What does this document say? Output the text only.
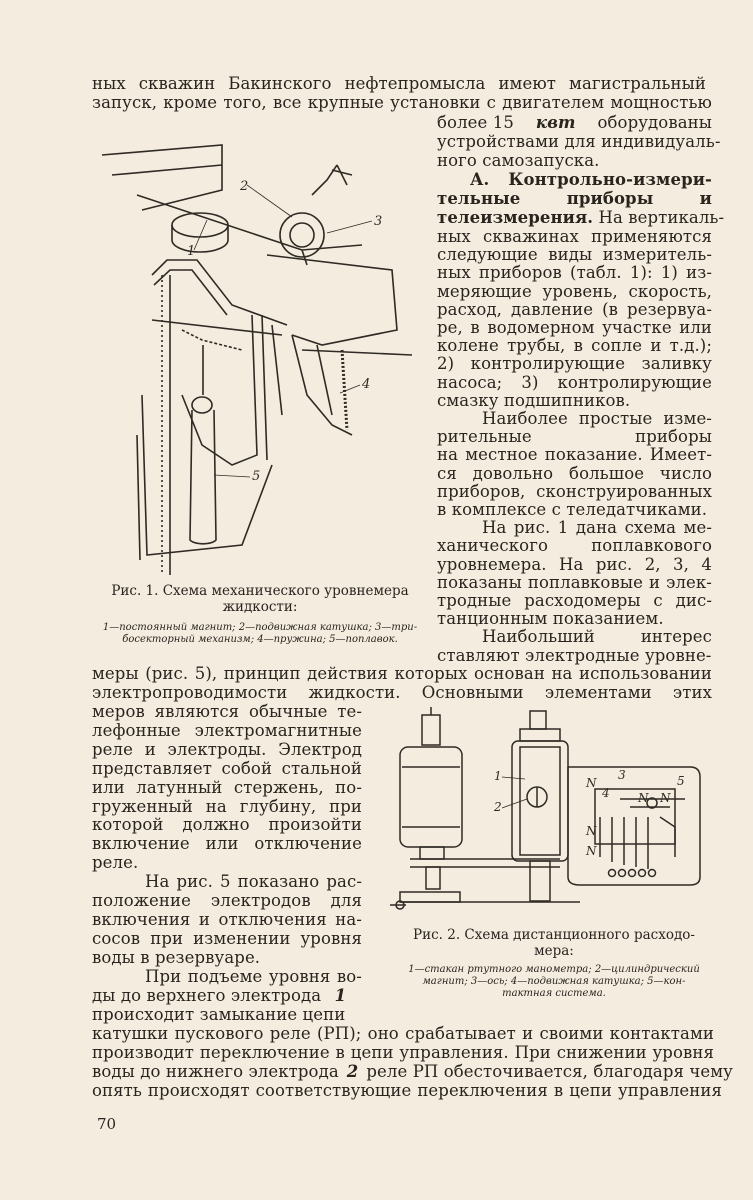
ных скважин Бакинского нефтепромысла имеют магистральный
запуск, кроме того, все крупные установки с двигателем мощностью
более 15 квт оборудованы
устройствами для индивидуаль-
ного самозапуска.
А. Контрольно-измери-
тельные приборы и
телеизмерения. На вертикаль-
ных скважинах применяются
следующие виды измеритель-
ных приборов (табл. 1): 1) из-
меряющие уровень, скорость,
расход, давление (в резервуа-
ре, в водомерном участке или
колене трубы, в сопле и т.д.);
2) контролирующие заливку
насоса; 3) контролирующие
смазку подшипников.
Наиболее простые изме-
рительные приборы
на местное показание. Имеет-
ся довольно большое число
приборов, сконструированных
в комплексе с теледатчиками.
На рис. 1 дана схема ме-
ханического поплавкового
уровнемера. На рис. 2, 3, 4
показаны поплавковые и элек-
тродные расходомеры с дис-
танционным показанием.
Наибольший интерес
ставляют электродные уровне-
меры (рис. 5), принцип действия которых основан на использовании
электропроводимости жидкости. Основными элементами этих
меров являются обычные те-
лефонные электромагнитные
реле и электроды. Электрод
представляет собой стальной
или латунный стержень, по-
груженный на глубину, при
которой должно произойти
включение или отключение
реле.
На рис. 5 показано рас-
положение электродов для
включения и отключения на-
сосов при изменении уровня
воды в резервуаре.
При подъеме уровня во-
ды до верхнего электрода 1
происходит замыкание цепи
катушки пускового реле (РП); оно срабатывает и своими контактами
производит переключение в цепи управления. При снижении уровня
воды до нижнего электрода 2 реле РП обесточивается, благодаря чему
опять происходят соответствующие переключения в цепи управления
70
2
1
3
4
5
Рис. 1. Схема механического уровнемера
жидкости:
1—постоянный магнит; 2—подвижная катушка; 3—три-
босекторный механизм; 4—пружина; 5—поплавок.
1
2
3
4
5
N
N
N
N
N
Рис. 2. Схема дистанционного расходо-
мера:
1—стакан ртутного манометра; 2—цилиндрический
магнит; 3—ось; 4—подвижная катушка; 5—кон-
тактная система.
